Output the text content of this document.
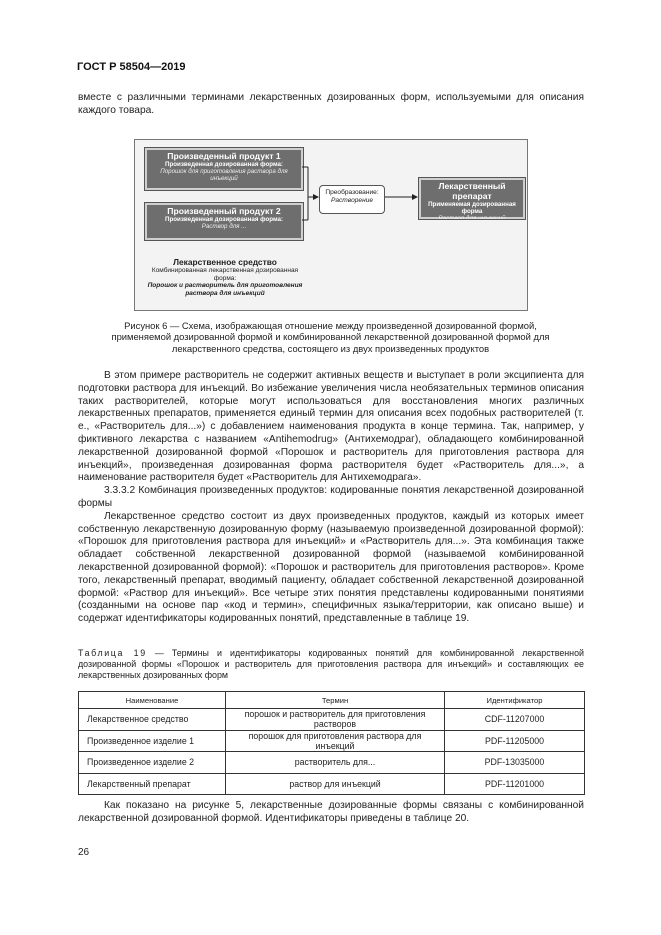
ГОСТ Р 58504—2019
вместе с различными терминами лекарственных дозированных форм, используемыми для описания каждого товара.
Произведенный продукт 1
Произведенная дозированная форма:
Порошок для приготовления раствора для инъекций
Произведенный продукт 2
Произведенная дозированная форма:
Раствор для ...
Преобразование:
Растворение
Лекарственный препарат
Применяемая дозированная форма
Раствор для инъекций
Лекарственное средство
Комбинированная лекарственная дозированная форма:
Порошок и растворитель для приготовления раствора для инъекций
Рисунок 6 — Схема, изображающая отношение между произведенной дозированной формой, применяемой дозированной формой и комбинированной лекарственной дозированной формой для лекарственного средства, состоящего из двух произведенных продуктов
В этом примере растворитель не содержит активных веществ и выступает в роли эксципиента для подготовки раствора для инъекций. Во избежание увеличения числа необязательных терминов описания таких растворителей, которые могут использоваться для восстановления многих различных лекарственных препаратов, применяется единый термин для описания всех подобных растворителей (т. е., «Растворитель для...») с добавлением наименования продукта в конце термина. Так, например, у фиктивного лекарства с названием «Antihemodrug» (Антихемодраг), обладающего комбинированной лекарственной дозированной формой «Порошок и растворитель для приготовления раствора для инъекций», произведенная дозированная форма растворителя будет «Растворитель для...», а наименование растворителя будет «Растворитель для Антихемодрага».
3.3.3.2 Комбинация произведенных продуктов: кодированные понятия лекарственной дозированной формы
Лекарственное средство состоит из двух произведенных продуктов, каждый из которых имеет собственную лекарственную дозированную форму (называемую произведенной дозированной формой): «Порошок для приготовления раствора для инъекций» и «Растворитель для...». Эта комбинация также обладает собственной лекарственной дозированной формой (называемой комбинированной лекарственной дозированной формой): «Порошок и растворитель для приготовления растворов». Кроме того, лекарственный препарат, вводимый пациенту, обладает собственной лекарственной дозированной формой: «Раствор для инъекций». Все четыре этих понятия представлены кодированными понятиями (созданными на основе пар «код и термин», специфичных языка/территории, как описано выше) и содержат идентификаторы кодированных понятий, представленные в таблице 19.
Таблица 19 — Термины и идентификаторы кодированных понятий для комбинированной лекарственной дозированной формы «Порошок и растворитель для приготовления раствора для инъекций» и составляющих ее лекарственных дозированных форм
Наименование	Термин	Идентификатор
Лекарственное средство	порошок и растворитель для приготовления растворов	CDF-11207000
Произведенное изделие 1	порошок для приготовления раствора для инъекций	PDF-11205000
Произведенное изделие 2	растворитель для...	PDF-13035000
Лекарственный препарат	раствор для инъекций	PDF-11201000
Как показано на рисунке 5, лекарственные дозированные формы связаны с комбинированной лекарственной дозированной формой. Идентификаторы приведены в таблице 20.
26
